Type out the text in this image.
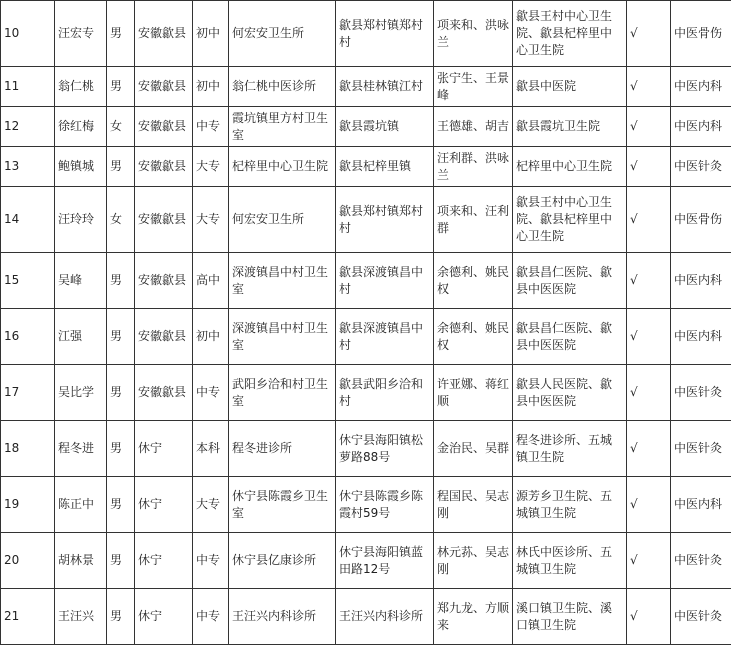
10	汪宏专	男	安徽歙县	初中	何宏安卫生所	歙县郑村镇郑村村	项来和、洪咏兰	歙县王村中心卫生院、歙县杞梓里中心卫生院	√	中医骨伤
11	翁仁桃	男	安徽歙县	初中	翁仁桃中医诊所	歙县桂林镇江村	张宁生、王景峰	歙县中医院	√	中医内科
12	徐红梅	女	安徽歙县	中专	霞坑镇里方村卫生室	歙县霞坑镇	王德雄、胡吉	歙县霞坑卫生院	√	中医内科
13	鲍镇城	男	安徽歙县	大专	杞梓里中心卫生院	歙县杞梓里镇	汪利群、洪咏兰	杞梓里中心卫生院	√	中医针灸
14	汪玲玲	女	安徽歙县	大专	何宏安卫生所	歙县郑村镇郑村村	项来和、汪利群	歙县王村中心卫生院、歙县杞梓里中心卫生院	√	中医骨伤
15	吴峰	男	安徽歙县	高中	深渡镇昌中村卫生室	歙县深渡镇昌中村	余德利、姚民权	歙县昌仁医院、歙县中医医院	√	中医内科
16	江强	男	安徽歙县	初中	深渡镇昌中村卫生室	歙县深渡镇昌中村	余德利、姚民权	歙县昌仁医院、歙县中医医院	√	中医内科
17	吴比学	男	安徽歙县	中专	武阳乡洽和村卫生室	歙县武阳乡洽和村	许亚娜、蒋红顺	歙县人民医院、歙县中医医院	√	中医针灸
18	程冬进	男	休宁	本科	程冬进诊所	休宁县海阳镇松萝路88号	金治民、吴群	程冬进诊所、五城镇卫生院	√	中医针灸
19	陈正中	男	休宁	大专	休宁县陈霞乡卫生室	休宁县陈霞乡陈霞村59号	程国民、吴志刚	源芳乡卫生院、五城镇卫生院	√	中医内科
20	胡林景	男	休宁	中专	休宁县亿康诊所	休宁县海阳镇蓝田路12号	林元荪、吴志刚	林氏中医诊所、五城镇卫生院	√	中医针灸
21	王汪兴	男	休宁	中专	王汪兴内科诊所	王汪兴内科诊所	郑九龙、方顺来	溪口镇卫生院、溪口镇卫生院	√	中医针灸
